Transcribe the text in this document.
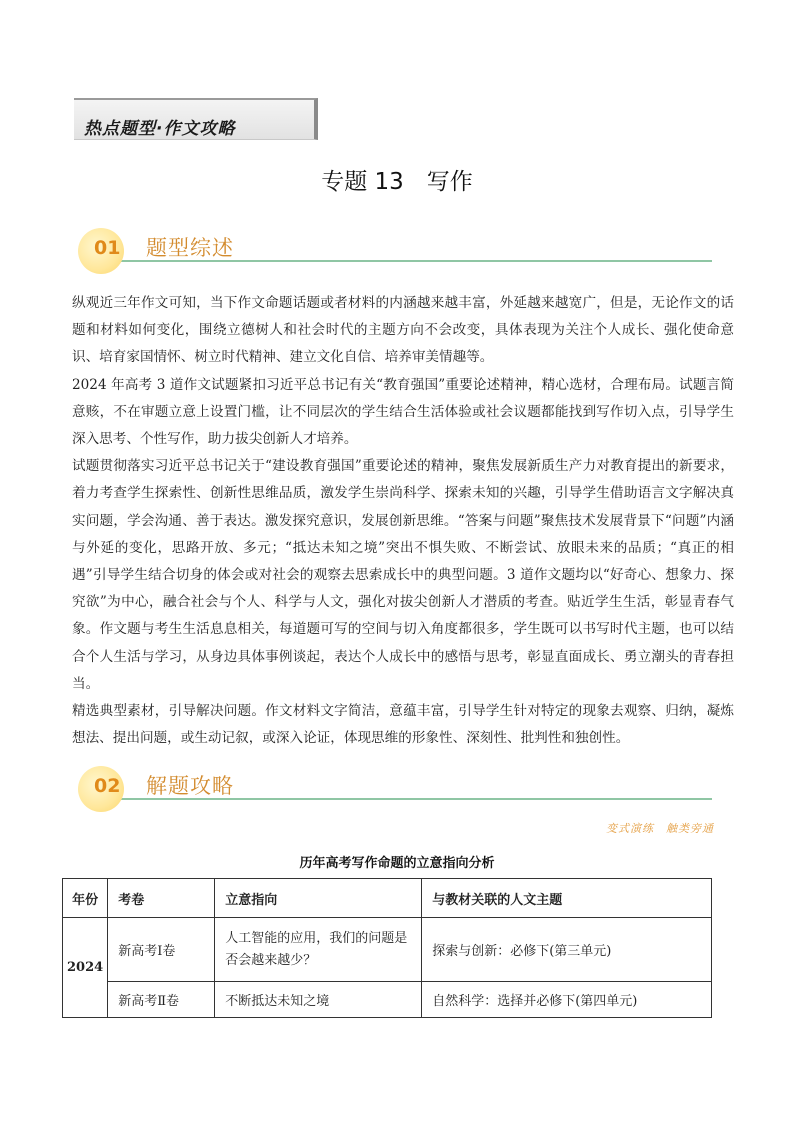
热点题型·作文攻略
专题 13　写作
01 题型综述

纵观近三年作文可知，当下作文命题话题或者材料的内涵越来越丰富，外延越来越宽广，但是，无论作文的话题和材料如何变化，围绕立德树人和社会时代的主题方向不会改变，具体表现为关注个人成长、强化使命意识、培育家国情怀、树立时代精神、建立文化自信、培养审美情趣等。

2024 年高考 3 道作文试题紧扣习近平总书记有关“教育强国”重要论述精神，精心选材，合理布局。试题言简意赅，不在审题立意上设置门槛，让不同层次的学生结合生活体验或社会议题都能找到写作切入点，引导学生深入思考、个性写作，助力拔尖创新人才培养。

试题贯彻落实习近平总书记关于“建设教育强国”重要论述的精神，聚焦发展新质生产力对教育提出的新要求，着力考查学生探索性、创新性思维品质，激发学生崇尚科学、探索未知的兴趣，引导学生借助语言文字解决真实问题，学会沟通、善于表达。激发探究意识，发展创新思维。“答案与问题”聚焦技术发展背景下“问题”内涵与外延的变化，思路开放、多元；“抵达未知之境”突出不惧失败、不断尝试、放眼未来的品质；“真正的相遇”引导学生结合切身的体会或对社会的观察去思索成长中的典型问题。3 道作文题均以“好奇心、想象力、探究欲”为中心，融合社会与个人、科学与人文，强化对拔尖创新人才潜质的考查。贴近学生生活，彰显青春气象。作文题与考生生活息息相关，每道题可写的空间与切入角度都很多，学生既可以书写时代主题，也可以结合个人生活与学习，从身边具体事例谈起，表达个人成长中的感悟与思考，彰显直面成长、勇立潮头的青春担当。

精选典型素材，引导解决问题。作文材料文字简洁，意蕴丰富，引导学生针对特定的现象去观察、归纳，凝炼想法、提出问题，或生动记叙，或深入论证，体现思维的形象性、深刻性、批判性和独创性。

02 解题攻略
变式演练　触类旁通
历年高考写作命题的立意指向分析
年份	考卷	立意指向	与教材关联的人文主题
2024	新高考Ⅰ卷	人工智能的应用，我们的问题是否会越来越少？	探索与创新：必修下(第三单元)
	新高考Ⅱ卷	不断抵达未知之境	自然科学：选择并必修下(第四单元)
